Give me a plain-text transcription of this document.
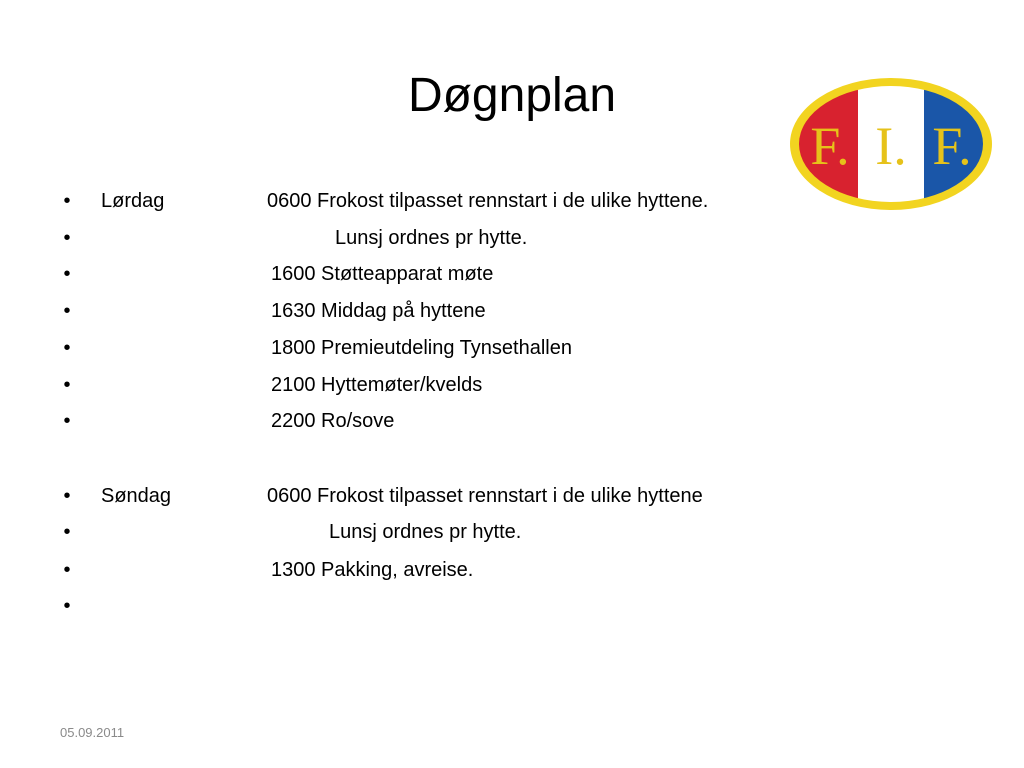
Døgnplan
F. I. F.
• Lørdag	0600 Frokost tilpasset rennstart i de ulike hyttene.
•	Lunsj ordnes pr hytte.
•	1600 Støtteapparat møte
•	1630 Middag på hyttene
•	1800 Premieutdeling Tynsethallen
•	2100 Hyttemøter/kvelds
•	2200 Ro/sove
• Søndag	0600 Frokost tilpasset rennstart i de ulike hyttene
•	Lunsj ordnes pr hytte.
•	1300 Pakking, avreise.
•
05.09.2011
